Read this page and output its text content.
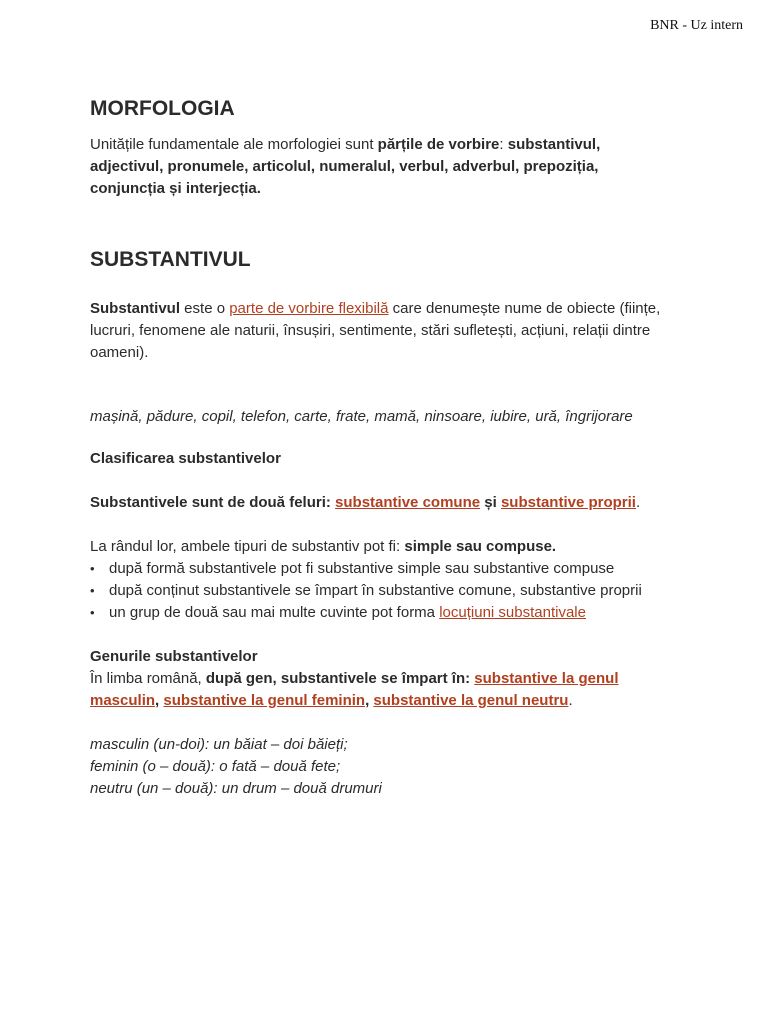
BNR - Uz intern
MORFOLOGIA

Unitățile fundamentale ale morfologiei sunt părțile de vorbire: substantivul, adjectivul, pronumele, articolul, numeralul, verbul, adverbul, prepoziția, conjuncția și interjecția.

SUBSTANTIVUL

Substantivul este o parte de vorbire flexibilă care denumește nume de obiecte (ființe, lucruri, fenomene ale naturii, însușiri, sentimente, stări sufletești, acțiuni, relații dintre oameni).

mașină, pădure, copil, telefon, carte, frate, mamă, ninsoare, iubire, ură, îngrijorare

Clasificarea substantivelor

Substantivele sunt de două feluri: substantive comune și substantive proprii.

La rândul lor, ambele tipuri de substantiv pot fi: simple sau compuse.

• după formă substantivele pot fi substantive simple sau substantive compuse
• după conținut substantivele se împart în substantive comune, substantive proprii
• un grup de două sau mai multe cuvinte pot forma locuțiuni substantivale

Genurile substantivelor

În limba română, după gen, substantivele se împart în: substantive la genul masculin, substantive la genul feminin, substantive la genul neutru.

masculin (un-doi): un băiat – doi băieți;

feminin (o – două): o fată – două fete;

neutru (un – două): un drum – două drumuri
